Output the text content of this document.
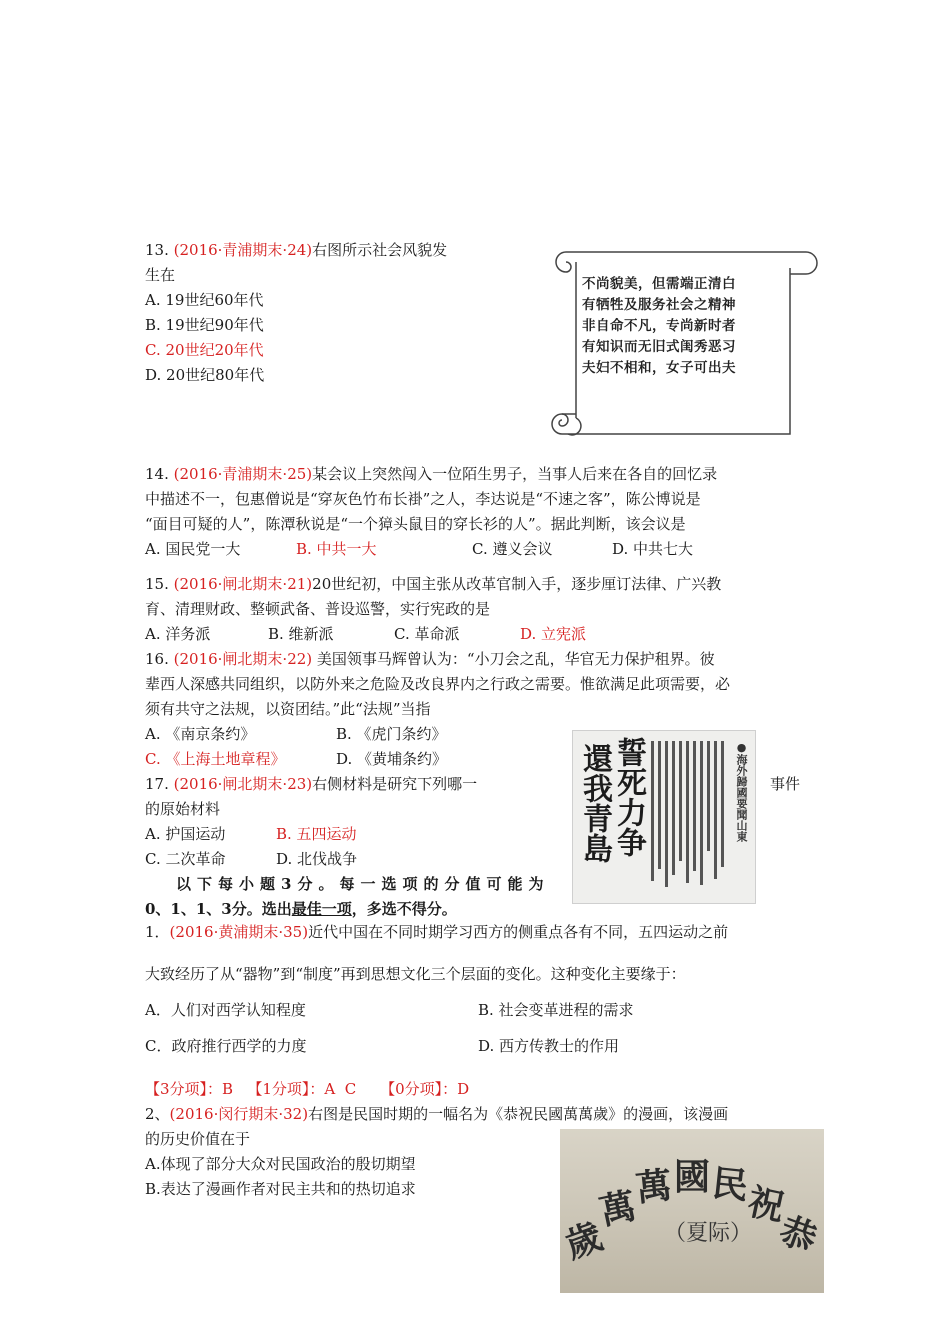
13. (2016·青浦期末·24)右图所示社会风貌发
生在
A. 19世纪60年代
B. 19世纪90年代
C. 20世纪20年代
D. 20世纪80年代
不尚貌美，但需端正清白
有牺牲及服务社会之精神
非自命不凡，专尚新时者
有知识而无旧式闺秀恶习
夫妇不相和，女子可出夫
14. (2016·青浦期末·25)某会议上突然闯入一位陌生男子，当事人后来在各自的回忆录
中描述不一，包惠僧说是“穿灰色竹布长褂”之人，李达说是“不速之客”，陈公博说是
“面目可疑的人”，陈潭秋说是“一个獐头鼠目的穿长衫的人”。据此判断，该会议是
A. 国民党一大	B. 中共一大	C. 遵义会议	D. 中共七大
15. (2016·闸北期末·21)20世纪初，中国主张从改革官制入手，逐步厘订法律、广兴教
育、清理财政、整顿武备、普设巡警，实行宪政的是
A. 洋务派	B. 维新派	C. 革命派	D. 立宪派
16. (2016·闸北期末·22) 美国领事马辉曾认为：“小刀会之乱，华官无力保护租界。彼
辈西人深感共同组织，以防外来之危险及改良界内之行政之需要。惟欲满足此项需要，必
须有共守之法规，以资团结。”此“法规”当指
A. 《南京条约》	B. 《虎门条约》
C. 《上海土地章程》	D. 《黄埔条约》	誓死力争
還我青島	●海外歸國要聞山東
17. (2016·闸北期末·23)右侧材料是研究下列哪一	事件
的原始材料
A. 护国运动	B. 五四运动
C. 二次革命	D. 北伐战争
以下每小题3分。每一选项的分值可能为
0、1、1、3分。选出最佳一项，多选不得分。
1．(2016·黄浦期末·35)近代中国在不同时期学习西方的侧重点各有不同，五四运动之前
大致经历了从“器物”到“制度”再到思想文化三个层面的变化。这种变化主要缘于：
A．人们对西学认知程度	B. 社会变革进程的需求
C．政府推行西学的力度	D. 西方传教士的作用
【3分项】：B   【1分项】：A  C     【0分项】：D
2、(2016·闵行期末·32)右图是民国时期的一幅名为《恭祝民國萬萬歲》的漫画，该漫画
的历史价值在于
A.体现了部分大众对民国政治的殷切期望
B.表达了漫画作者对民主共和的热切追求
歲
萬
萬 國 民
祝
恭
（夏际）
